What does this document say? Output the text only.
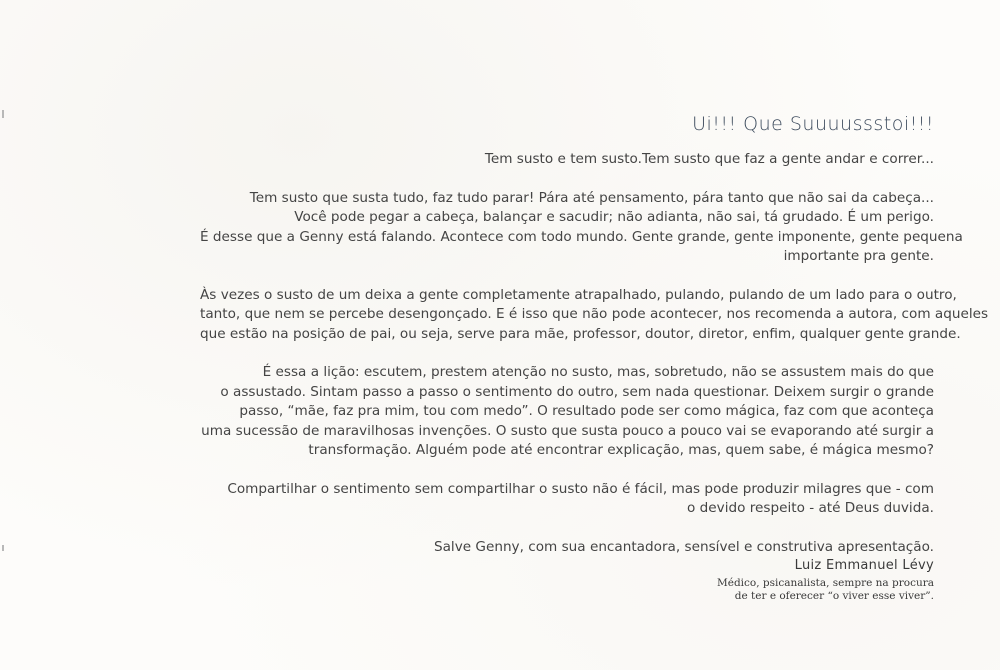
Ui!!! Que Suuuussstoi!!!
Tem susto e tem susto.Tem susto que faz a gente andar e correr...
Tem susto que susta tudo, faz tudo parar! Pára até pensamento, pára tanto que não sai da cabeça...
Você pode pegar a cabeça, balançar e sacudir; não adianta, não sai, tá grudado. É um perigo.
É desse que a Genny está falando. Acontece com todo mundo. Gente grande, gente imponente, gente pequena
importante pra gente.
Às vezes o susto de um deixa a gente completamente atrapalhado, pulando, pulando de um lado para o outro,
tanto, que nem se percebe desengonçado. E é isso que não pode acontecer, nos recomenda a autora, com aqueles
que estão na posição de pai, ou seja, serve para mãe, professor, doutor, diretor, enfim, qualquer gente grande.
É essa a lição: escutem, prestem atenção no susto, mas, sobretudo, não se assustem mais do que
o assustado. Sintam passo a passo o sentimento do outro, sem nada questionar. Deixem surgir o grande
passo, “mãe, faz pra mim, tou com medo”. O resultado pode ser como mágica, faz com que aconteça
uma sucessão de maravilhosas invenções. O susto que susta pouco a pouco vai se evaporando até surgir a
transformação. Alguém pode até encontrar explicação, mas, quem sabe, é mágica mesmo?
Compartilhar o sentimento sem compartilhar o susto não é fácil, mas pode produzir milagres que - com
o devido respeito - até Deus duvida.
Salve Genny, com sua encantadora, sensível e construtiva apresentação.
Luiz Emmanuel Lévy
Médico, psicanalista, sempre na procura
de ter e oferecer “o viver esse viver”.
